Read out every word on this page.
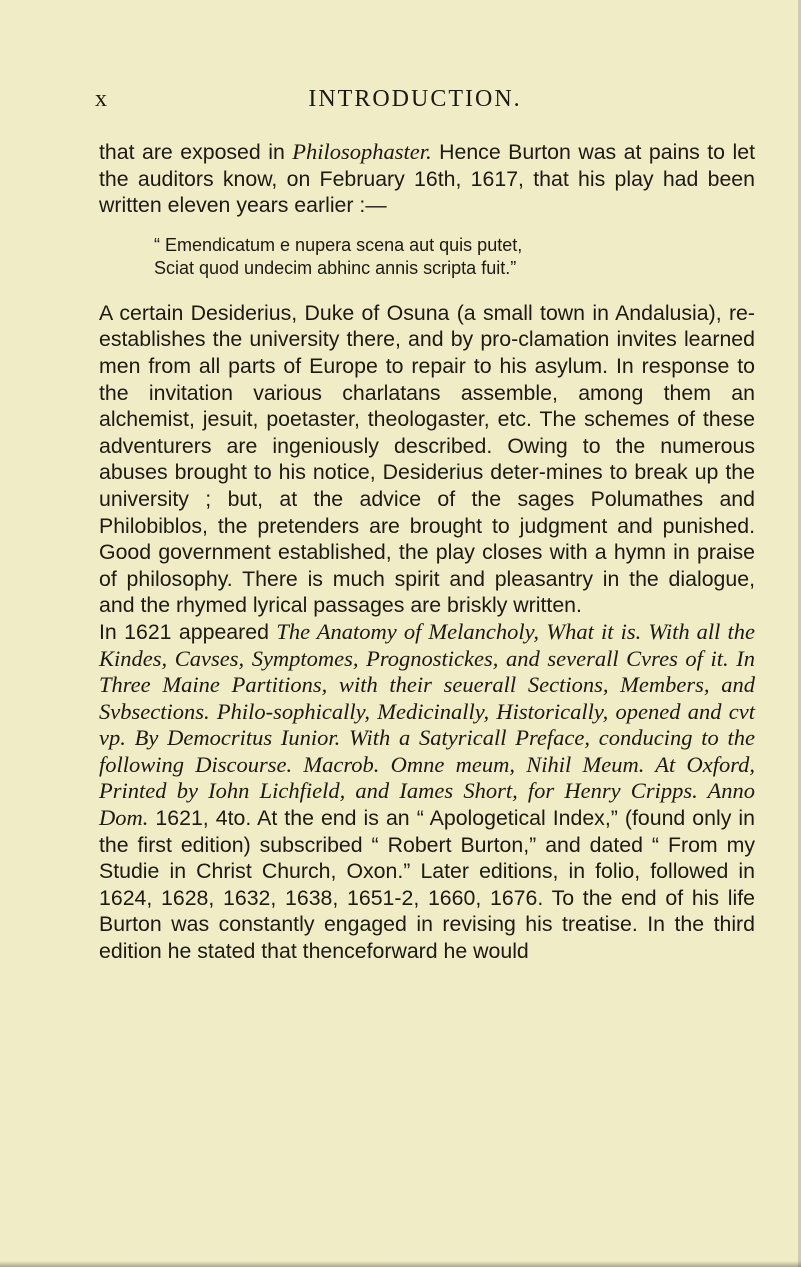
x	INTRODUCTION.

that are exposed in Philosophaster. Hence Burton was at pains to let the auditors know, on February 16th, 1617, that his play had been written eleven years earlier :—

“ Emendicatum e nupera scena aut quis putet,
Sciat quod undecim abhinc annis scripta fuit.”

A certain Desiderius, Duke of Osuna (a small town in Andalusia), re-establishes the university there, and by pro-clamation invites learned men from all parts of Europe to repair to his asylum. In response to the invitation various charlatans assemble, among them an alchemist, jesuit, poetaster, theologaster, etc. The schemes of these adventurers are ingeniously described. Owing to the numerous abuses brought to his notice, Desiderius deter-mines to break up the university ; but, at the advice of the sages Polumathes and Philobiblos, the pretenders are brought to judgment and punished. Good government established, the play closes with a hymn in praise of philosophy. There is much spirit and pleasantry in the dialogue, and the rhymed lyrical passages are briskly written.

In 1621 appeared The Anatomy of Melancholy, What it is. With all the Kindes, Cavses, Symptomes, Prognostickes, and severall Cvres of it. In Three Maine Partitions, with their seuerall Sections, Members, and Svbsections. Philo-sophically, Medicinally, Historically, opened and cvt vp. By Democritus Iunior. With a Satyricall Preface, conducing to the following Discourse. Macrob. Omne meum, Nihil Meum. At Oxford, Printed by Iohn Lichfield, and Iames Short, for Henry Cripps. Anno Dom. 1621, 4to. At the end is an “ Apologetical Index,” (found only in the first edition) subscribed “ Robert Burton,” and dated “ From my Studie in Christ Church, Oxon.” Later editions, in folio, followed in 1624, 1628, 1632, 1638, 1651-2, 1660, 1676. To the end of his life Burton was constantly engaged in revising his treatise. In the third edition he stated that thenceforward he would
